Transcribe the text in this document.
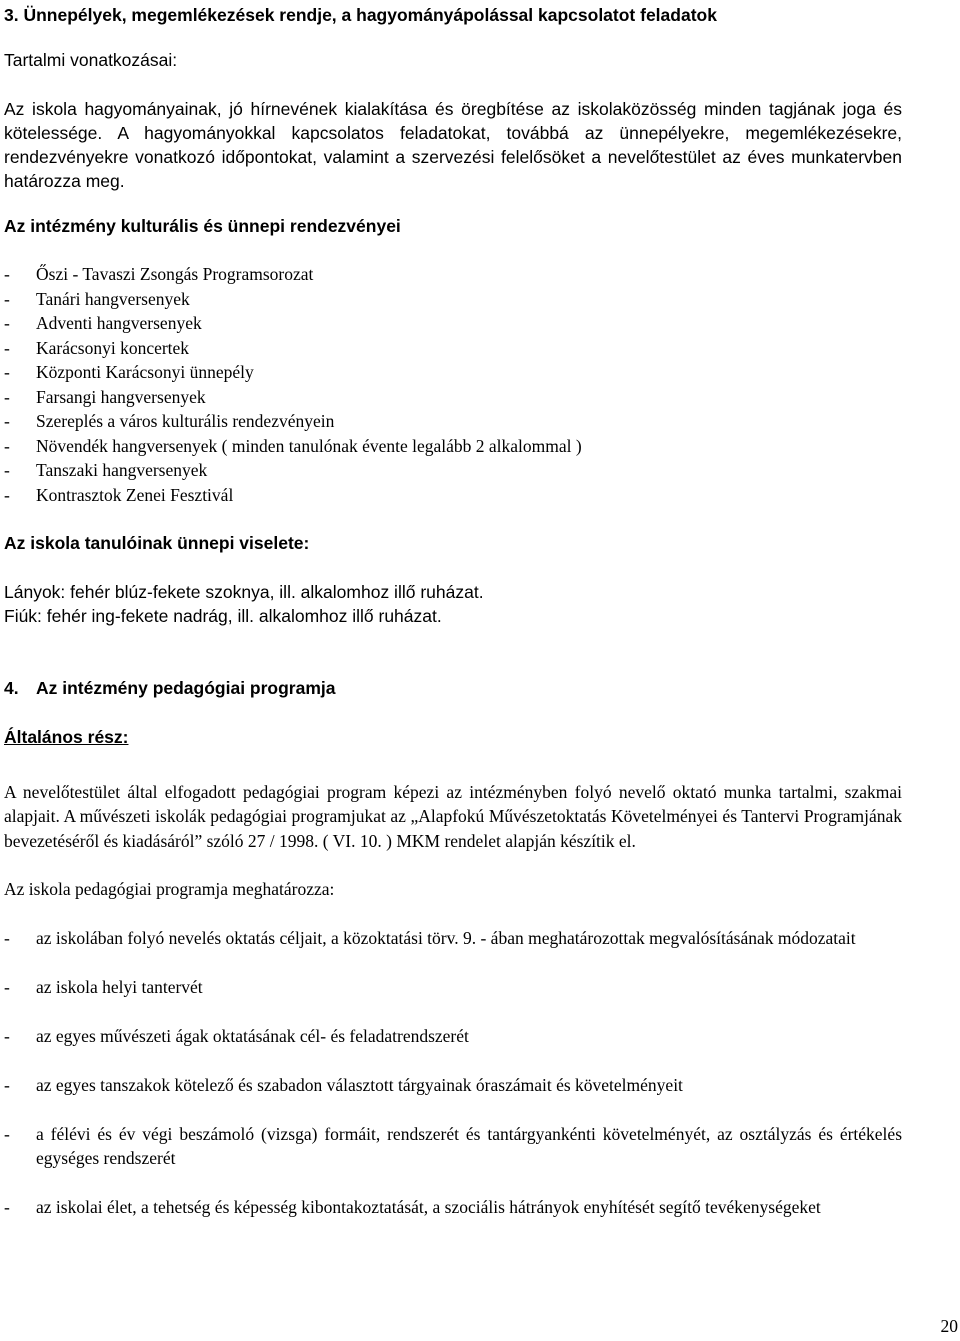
3. Ünnepélyek, megemlékezések rendje, a hagyományápolással kapcsolatot feladatok

Tartalmi vonatkozásai:

Az iskola hagyományainak, jó hírnevének kialakítása és öregbítése az iskolaközösség minden tagjának joga és kötelessége. A hagyományokkal kapcsolatos feladatokat, továbbá az ünnepélyekre, megemlékezésekre, rendezvényekre vonatkozó időpontokat, valamint a szervezési felelősöket a nevelőtestület az éves munkatervben határozza meg.

Az intézmény kulturális és ünnepi rendezvényei

- Őszi - Tavaszi Zsongás Programsorozat
- Tanári hangversenyek
- Adventi hangversenyek
- Karácsonyi koncertek
- Központi Karácsonyi ünnepély
- Farsangi hangversenyek
- Szereplés a város kulturális rendezvényein
- Növendék hangversenyek ( minden tanulónak évente legalább 2 alkalommal )
- Tanszaki hangversenyek
- Kontrasztok Zenei Fesztivál

Az iskola tanulóinak ünnepi viselete:

Lányok: fehér blúz-fekete szoknya, ill. alkalomhoz illő ruházat.

Fiúk: fehér ing-fekete nadrág, ill. alkalomhoz illő ruházat.

4. Az intézmény pedagógiai programja

Általános rész:

A nevelőtestület által elfogadott pedagógiai program képezi az intézményben folyó nevelő oktató munka tartalmi, szakmai alapjait. A művészeti iskolák pedagógiai programjukat az „Alapfokú Művészetoktatás Követelményei és Tantervi Programjának bevezetéséről és kiadásáról” szóló 27 / 1998. ( VI. 10. ) MKM rendelet alapján készítik el.

Az iskola pedagógiai programja meghatározza:

- az iskolában folyó nevelés oktatás céljait, a közoktatási törv. 9. - ában meghatározottak megvalósításának módozatait
- az iskola helyi tantervét
- az egyes művészeti ágak oktatásának cél- és feladatrendszerét
- az egyes tanszakok kötelező és szabadon választott tárgyainak óraszámait és követelményeit
- a félévi és év végi beszámoló (vizsga) formáit, rendszerét és tantárgyankénti követelményét, az osztályzás és értékelés egységes rendszerét
- az iskolai élet, a tehetség és képesség kibontakoztatását, a szociális hátrányok enyhítését segítő tevékenységeket
20
